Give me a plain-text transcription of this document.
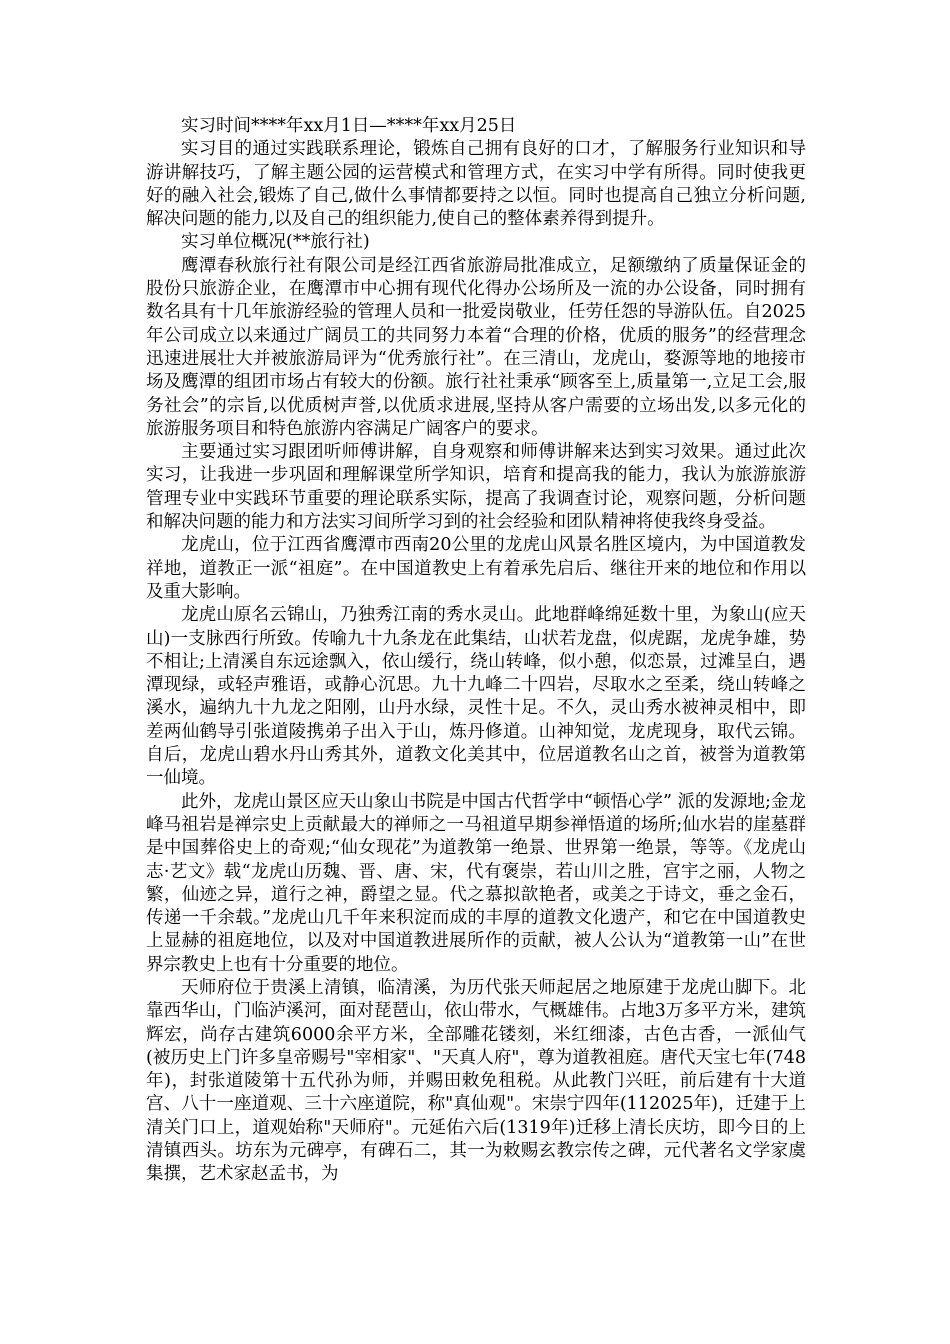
实习时间****年xx月1日—****年xx月25日

实习目的通过实践联系理论，锻炼自己拥有良好的口才，了解服务行业知识和导游讲解技巧，了解主题公园的运营模式和管理方式，在实习中学有所得。同时使我更好的融入社会,锻炼了自己,做什么事情都要持之以恒。同时也提高自己独立分析问题,解决问题的能力,以及自己的组织能力,使自己的整体素养得到提升。

实习单位概况(**旅行社)

鹰潭春秋旅行社有限公司是经江西省旅游局批准成立，足额缴纳了质量保证金的股份只旅游企业，在鹰潭市中心拥有现代化得办公场所及一流的办公设备，同时拥有数名具有十几年旅游经验的管理人员和一批爱岗敬业，任劳任怨的导游队伍。自2025年公司成立以来通过广阔员工的共同努力本着“合理的价格，优质的服务”的经营理念迅速进展壮大并被旅游局评为“优秀旅行社”。在三清山，龙虎山，婺源等地的地接市场及鹰潭的组团市场占有较大的份额。旅行社社秉承“顾客至上,质量第一,立足工会,服务社会”的宗旨,以优质树声誉,以优质求进展,坚持从客户需要的立场出发,以多元化的旅游服务项目和特色旅游内容满足广阔客户的要求。

主要通过实习跟团听师傅讲解，自身观察和师傅讲解来达到实习效果。通过此次实习，让我进一步巩固和理解课堂所学知识，培育和提高我的能力，我认为旅游旅游管理专业中实践环节重要的理论联系实际，提高了我调查讨论，观察问题，分析问题和解决问题的能力和方法实习间所学习到的社会经验和团队精神将使我终身受益。

龙虎山，位于江西省鹰潭市西南20公里的龙虎山风景名胜区境内，为中国道教发祥地，道教正一派“祖庭”。在中国道教史上有着承先启后、继往开来的地位和作用以及重大影响。

龙虎山原名云锦山，乃独秀江南的秀水灵山。此地群峰绵延数十里，为象山(应天山)一支脉西行所致。传喻九十九条龙在此集结，山状若龙盘，似虎踞，龙虎争雄，势不相让;上清溪自东远途飘入，依山缓行，绕山转峰，似小憩，似恋景，过滩呈白，遇潭现绿，或轻声雅语，或静心沉思。九十九峰二十四岩，尽取水之至柔，绕山转峰之溪水，遍纳九十九龙之阳刚，山丹水绿，灵性十足。不久，灵山秀水被神灵相中，即差两仙鹤导引张道陵携弟子出入于山，炼丹修道。山神知觉，龙虎现身，取代云锦。自后，龙虎山碧水丹山秀其外，道教文化美其中，位居道教名山之首，被誉为道教第一仙境。

此外，龙虎山景区应天山象山书院是中国古代哲学中“顿悟心学” 派的发源地;金龙峰马祖岩是禅宗史上贡献最大的禅师之一马祖道早期参禅悟道的场所;仙水岩的崖墓群是中国葬俗史上的奇观;“仙女现花”为道教第一绝景、世界第一绝景，等等。《龙虎山志·艺文》载“龙虎山历魏、晋、唐、宋，代有褒崇，若山川之胜，宫宇之丽，人物之繁，仙迹之异，道行之神，爵望之显。代之慕拟歆艳者，或美之于诗文，垂之金石，传递一千余载。”龙虎山几千年来积淀而成的丰厚的道教文化遗产，和它在中国道教史上显赫的祖庭地位，以及对中国道教进展所作的贡献，被人公认为“道教第一山”在世界宗教史上也有十分重要的地位。

天师府位于贵溪上清镇，临清溪，为历代张天师起居之地原建于龙虎山脚下。北靠西华山，门临泸溪河，面对琵琶山，依山带水，气概雄伟。占地3万多平方米，建筑辉宏，尚存古建筑6000余平方米，全部雕花镂刻，米红细漆，古色古香，一派仙气(被历史上门许多皇帝赐号"宰相家"、"天真人府"，尊为道教祖庭。唐代天宝七年(748年)，封张道陵第十五代孙为师，并赐田敕免租税。从此教门兴旺，前后建有十大道宫、八十一座道观、三十六座道院，称"真仙观"。宋崇宁四年(112025年)，迁建于上清关门口上，道观始称"天师府"。元延佑六后(1319年)迁移上清长庆坊，即今日的上清镇西头。坊东为元碑亭，有碑石二，其一为敕赐玄教宗传之碑，元代著名文学家虞集撰，艺术家赵孟书，为
